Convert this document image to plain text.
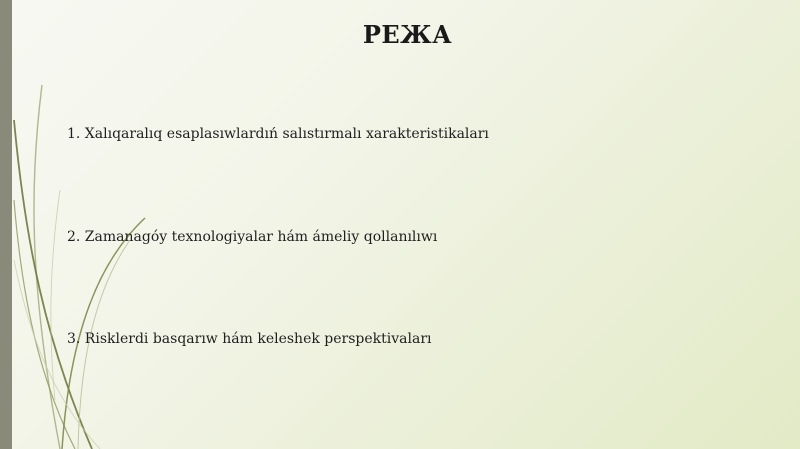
РЕЖА
1. Xalıqaralıq esaplasıwlardıń salıstırmalı xarakteristikaları
2. Zamanagóy texnologiyalar hám ámeliy qollanılıwı
3. Risklerdi basqarıw hám keleshek perspektivaları
